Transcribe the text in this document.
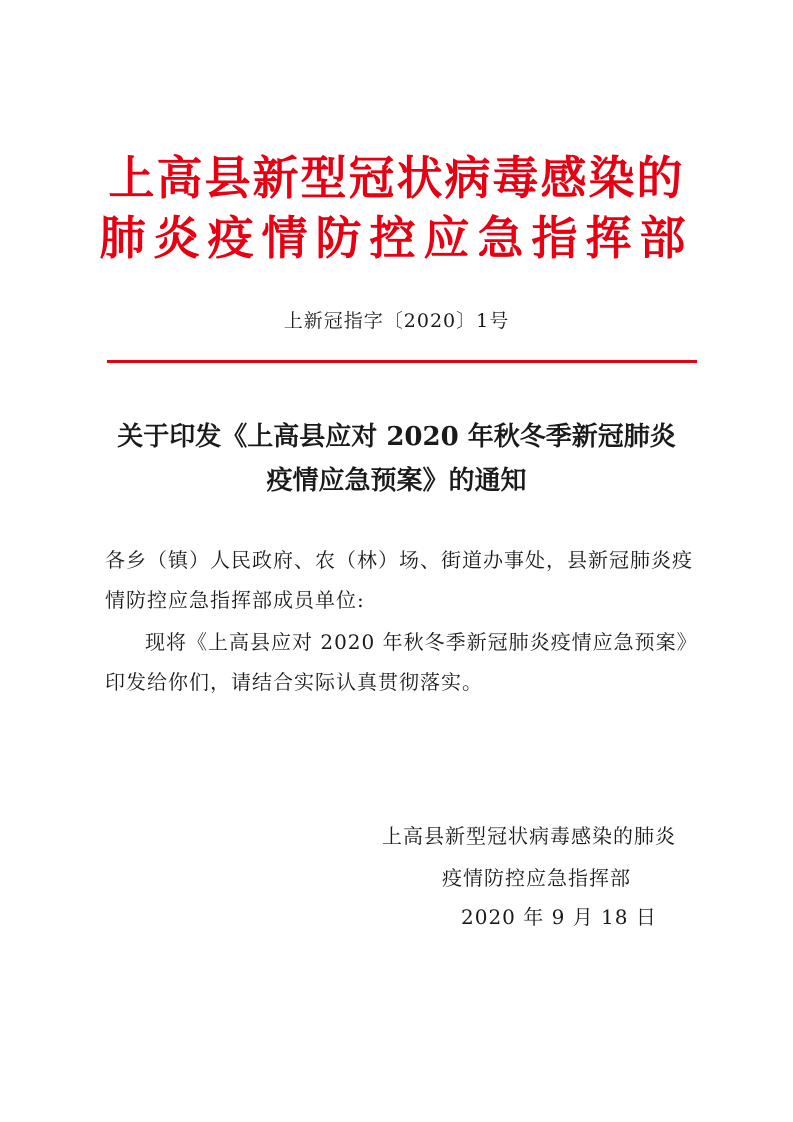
上高县新型冠状病毒感染的
肺炎疫情防控应急指挥部
上新冠指字〔2020〕1号
关于印发《上高县应对 2020 年秋冬季新冠肺炎
疫情应急预案》的通知
各乡（镇）人民政府、农（林）场、街道办事处，县新冠肺炎疫情防控应急指挥部成员单位:
现将《上高县应对 2020 年秋冬季新冠肺炎疫情应急预案》印发给你们，请结合实际认真贯彻落实。
上高县新型冠状病毒感染的肺炎
疫情防控应急指挥部
2020 年 9 月 18 日
